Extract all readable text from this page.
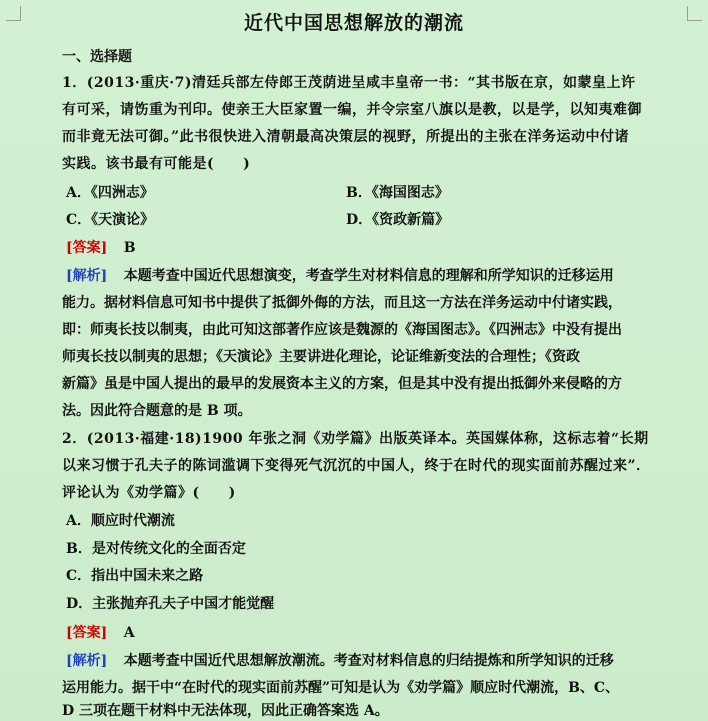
近代中国思想解放的潮流
一、选择题
1．(2013·重庆·7)清廷兵部左侍郎王茂荫进呈咸丰皇帝一书：“其书版在京，如蒙皇上许
有可采，请饬重为刊印。使亲王大臣家置一编，并令宗室八旗以是教，以是学，以知夷难御
而非竟无法可御。”此书很快进入清朝最高决策层的视野，所提出的主张在洋务运动中付诸
实践。该书最有可能是(　　)
A．《四洲志》	B．《海国图志》
C．《天演论》	D．《资政新篇》
[答案] B
[解析] 本题考查中国近代思想演变，考查学生对材料信息的理解和所学知识的迁移运用
能力。据材料信息可知书中提供了抵御外侮的方法，而且这一方法在洋务运动中付诸实践，
即：师夷长技以制夷，由此可知这部著作应该是魏源的《海国图志》。《四洲志》中没有提出
师夷长技以制夷的思想；《天演论》主要讲进化理论，论证维新变法的合理性；《资政
新篇》虽是中国人提出的最早的发展资本主义的方案，但是其中没有提出抵御外来侵略的方
法。因此符合题意的是 B 项。
2．(2013·福建·18)1900 年张之洞《劝学篇》出版英译本。英国媒体称，这标志着“长期
以来习惯于孔夫子的陈词滥调下变得死气沉沉的中国人，终于在时代的现实面前苏醒过来”．
评论认为《劝学篇》(　　)
A．顺应时代潮流
B．是对传统文化的全面否定
C．指出中国未来之路
D．主张抛弃孔夫子中国才能觉醒
[答案] A
[解析] 本题考查中国近代思想解放潮流。考查对材料信息的归结提炼和所学知识的迁移
运用能力。据干中“在时代的现实面前苏醒”可知是认为《劝学篇》顺应时代潮流，B、C、
D 三项在题干材料中无法体现，因此正确答案选 A。
